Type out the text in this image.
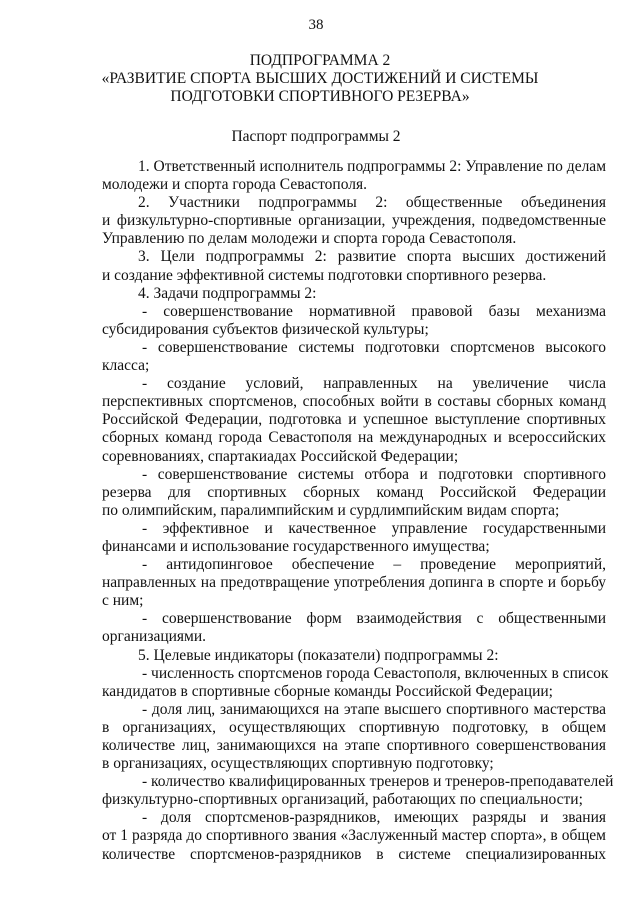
38
ПОДПРОГРАММА 2
«РАЗВИТИЕ СПОРТА ВЫСШИХ ДОСТИЖЕНИЙ И СИСТЕМЫ
ПОДГОТОВКИ СПОРТИВНОГО РЕЗЕРВА»
Паспорт подпрограммы 2
1. Ответственный исполнитель подпрограммы 2: Управление по делам
молодежи и спорта города Севастополя.
2. Участники подпрограммы 2: общественные объединения
и физкультурно-спортивные организации, учреждения, подведомственные
Управлению по делам молодежи и спорта города Севастополя.
3. Цели подпрограммы 2: развитие спорта высших достижений
и создание эффективной системы подготовки спортивного резерва.
4. Задачи подпрограммы 2:
- совершенствование нормативной правовой базы механизма
субсидирования субъектов физической культуры;
- совершенствование системы подготовки спортсменов высокого
класса;
- создание условий, направленных на увеличение числа
перспективных спортсменов, способных войти в составы сборных команд
Российской Федерации, подготовка и успешное выступление спортивных
сборных команд города Севастополя на международных и всероссийских
соревнованиях, спартакиадах Российской Федерации;
- совершенствование системы отбора и подготовки спортивного
резерва для спортивных сборных команд Российской Федерации
по олимпийским, паралимпийским и сурдлимпийским видам спорта;
- эффективное и качественное управление государственными
финансами и использование государственного имущества;
- антидопинговое обеспечение – проведение мероприятий,
направленных на предотвращение употребления допинга в спорте и борьбу
с ним;
- совершенствование форм взаимодействия с общественными
организациями.
5. Целевые индикаторы (показатели) подпрограммы 2:
- численность спортсменов города Севастополя, включенных в список
кандидатов в спортивные сборные команды Российской Федерации;
- доля лиц, занимающихся на этапе высшего спортивного мастерства
в организациях, осуществляющих спортивную подготовку, в общем
количестве лиц, занимающихся на этапе спортивного совершенствования
в организациях, осуществляющих спортивную подготовку;
- количество квалифицированных тренеров и тренеров-преподавателей
физкультурно-спортивных организаций, работающих по специальности;
- доля спортсменов-разрядников, имеющих разряды и звания
от 1 разряда до спортивного звания «Заслуженный мастер спорта», в общем
количестве спортсменов-разрядников в системе специализированных
